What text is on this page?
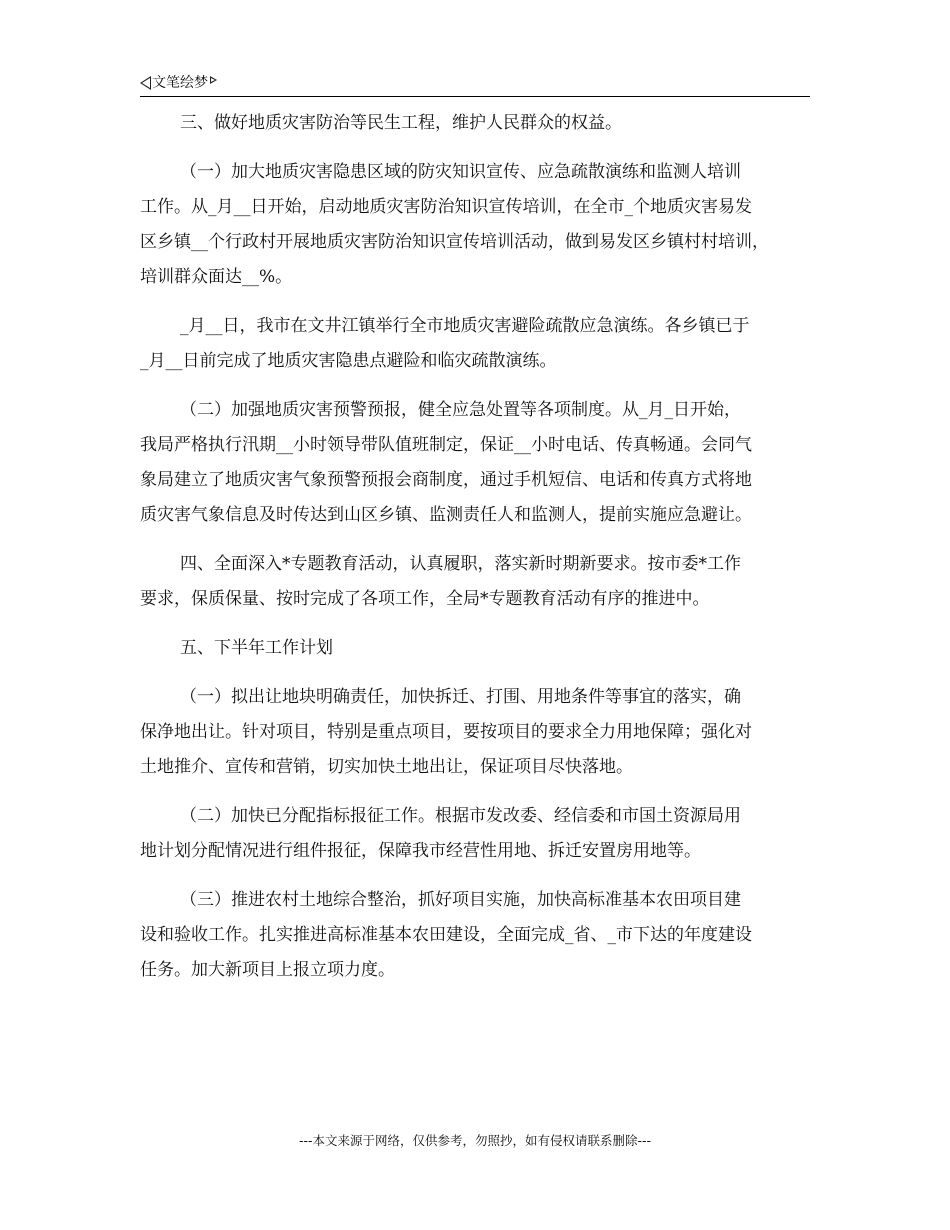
文笔绘梦

三、做好地质灾害防治等民生工程，维护人民群众的权益。

（一）加大地质灾害隐患区域的防灾知识宣传、应急疏散演练和监测人培训
工作。从_月__日开始，启动地质灾害防治知识宣传培训，在全市_个地质灾害易发
区乡镇__个行政村开展地质灾害防治知识宣传培训活动，做到易发区乡镇村村培训，
培训群众面达__%。

_月__日，我市在文井江镇举行全市地质灾害避险疏散应急演练。各乡镇已于
_月__日前完成了地质灾害隐患点避险和临灾疏散演练。

（二）加强地质灾害预警预报，健全应急处置等各项制度。从_月_日开始，
我局严格执行汛期__小时领导带队值班制定，保证__小时电话、传真畅通。会同气
象局建立了地质灾害气象预警预报会商制度，通过手机短信、电话和传真方式将地
质灾害气象信息及时传达到山区乡镇、监测责任人和监测人，提前实施应急避让。

四、全面深入*专题教育活动，认真履职，落实新时期新要求。按市委*工作
要求，保质保量、按时完成了各项工作，全局*专题教育活动有序的推进中。

五、下半年工作计划

（一）拟出让地块明确责任，加快拆迁、打围、用地条件等事宜的落实，确
保净地出让。针对项目，特别是重点项目，要按项目的要求全力用地保障；强化对
土地推介、宣传和营销，切实加快土地出让，保证项目尽快落地。

（二）加快已分配指标报征工作。根据市发改委、经信委和市国土资源局用
地计划分配情况进行组件报征，保障我市经营性用地、拆迁安置房用地等。

（三）推进农村土地综合整治，抓好项目实施，加快高标准基本农田项目建
设和验收工作。扎实推进高标准基本农田建设，全面完成_省、_市下达的年度建设
任务。加大新项目上报立项力度。

---本文来源于网络，仅供参考，勿照抄，如有侵权请联系删除---
